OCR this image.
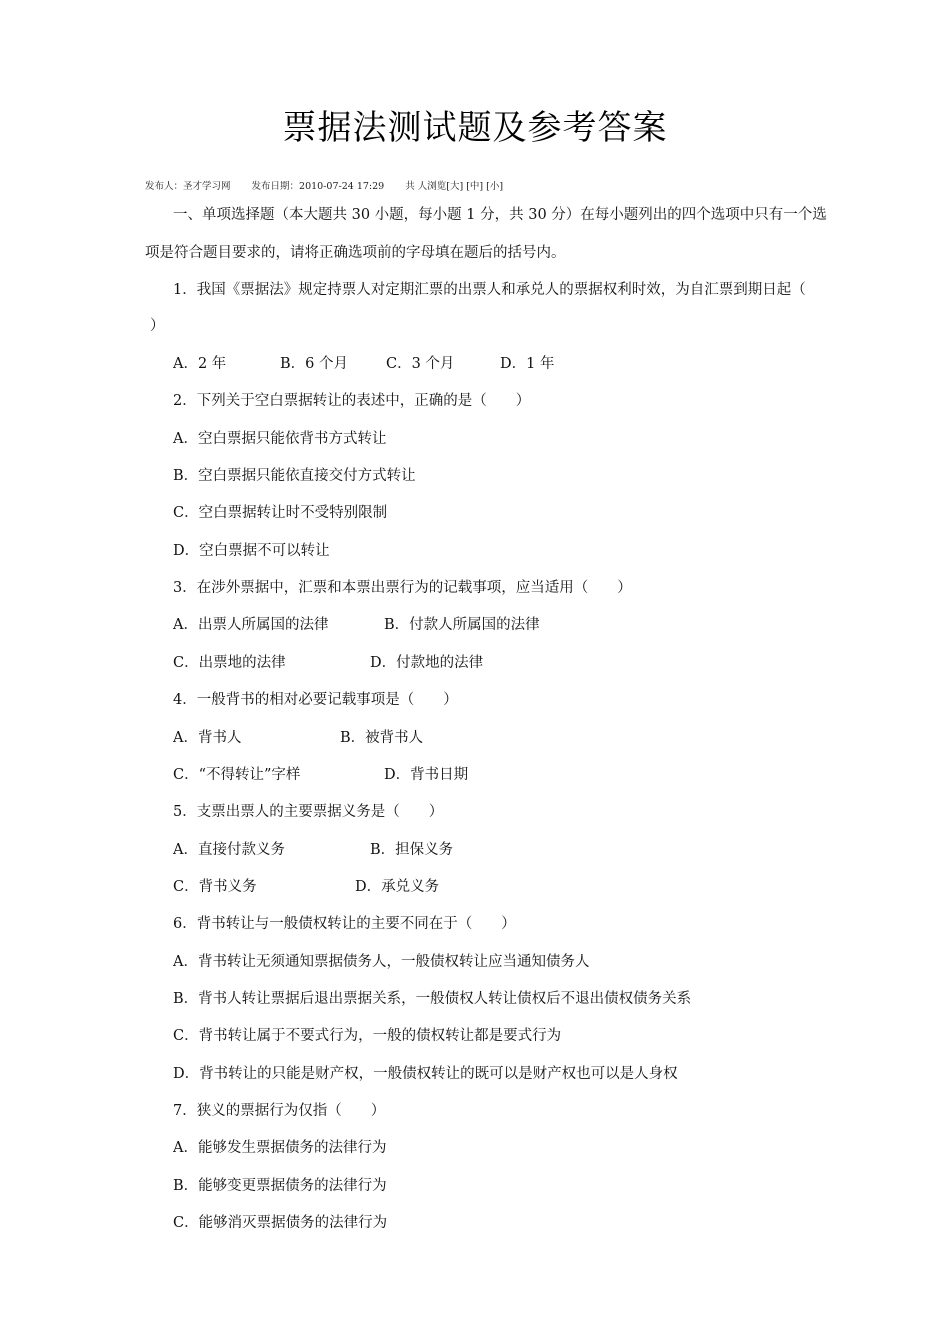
票据法测试题及参考答案
发布人：圣才学习网 发布日期：2010-07-24 17:29 共 人浏览[大] [中] [小]
一、单项选择题（本大题共 30 小题，每小题 1 分，共 30 分）在每小题列出的四个选项中只有一个选
项是符合题目要求的，请将正确选项前的字母填在题后的括号内。
1．我国《票据法》规定持票人对定期汇票的出票人和承兑人的票据权利时效，为自汇票到期日起（
）
A．2 年	B．6 个月	C．3 个月	D．1 年
2．下列关于空白票据转让的表述中，正确的是（　　）
A．空白票据只能依背书方式转让
B．空白票据只能依直接交付方式转让
C．空白票据转让时不受特别限制
D．空白票据不可以转让
3．在涉外票据中，汇票和本票出票行为的记载事项，应当适用（　　）
A．出票人所属国的法律	B．付款人所属国的法律
C．出票地的法律	D．付款地的法律
4．一般背书的相对必要记载事项是（　　）
A．背书人	B．被背书人
C．“不得转让”字样	D．背书日期
5．支票出票人的主要票据义务是（　　）
A．直接付款义务	B．担保义务
C．背书义务	D．承兑义务
6．背书转让与一般债权转让的主要不同在于（　　）
A．背书转让无须通知票据债务人，一般债权转让应当通知债务人
B．背书人转让票据后退出票据关系，一般债权人转让债权后不退出债权债务关系
C．背书转让属于不要式行为，一般的债权转让都是要式行为
D．背书转让的只能是财产权，一般债权转让的既可以是财产权也可以是人身权
7．狭义的票据行为仅指（　　）
A．能够发生票据债务的法律行为
B．能够变更票据债务的法律行为
C．能够消灭票据债务的法律行为
